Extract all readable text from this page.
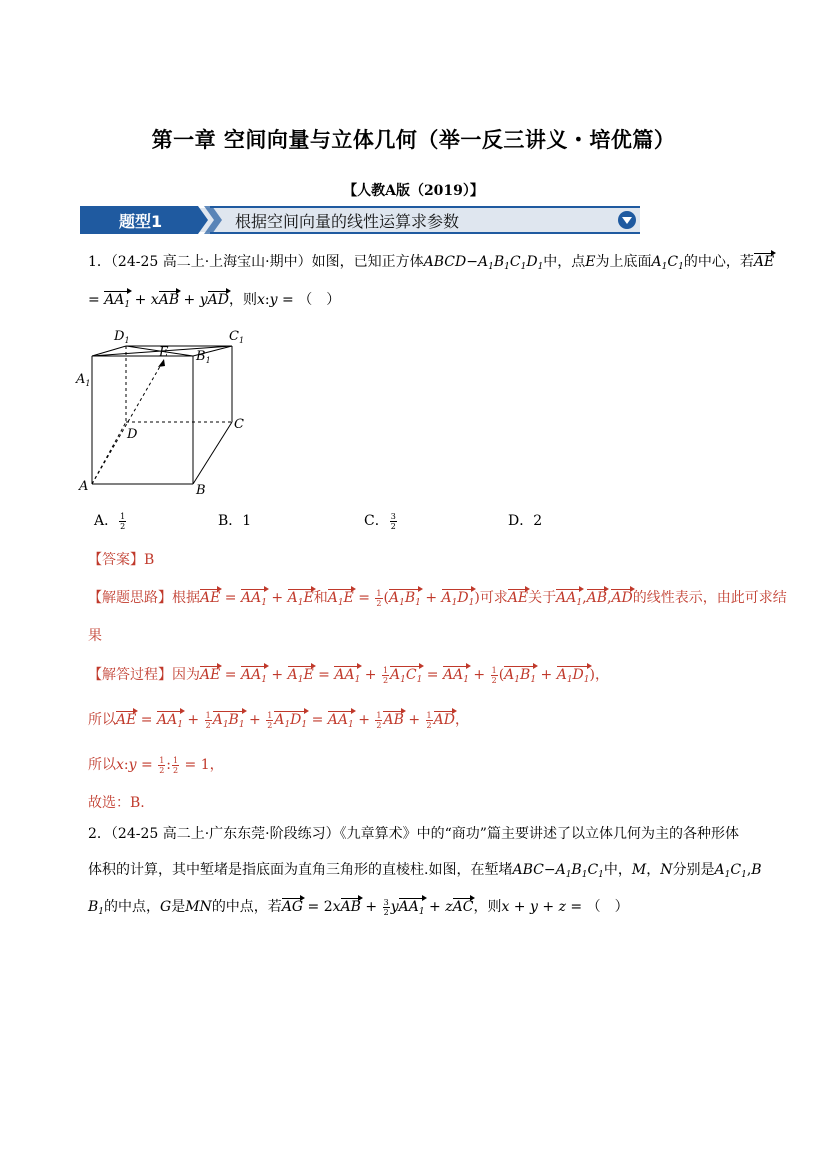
第一章 空间向量与立体几何（举一反三讲义・培优篇）
【人教A版（2019）】
题型1	根据空间向量的线性运算求参数
1．（24-25 高二上·上海宝山·期中）如图，已知正方体$ABCD-A_1B_1C_1D_1$中，点E为上底面$A_1C_1$的中心，若AE
= $AA_1$ + xAB + yAD，则x:y = （　）
$D_1$	$C_1$
$A_1$
$B_1$
E
D
C
A	B
A． $\frac{1}{2}$	B．1	C． $\frac{3}{2}$	D．2
【答案】B
【解题思路】根据AE = $AA_1 + A_1E$和$A_1E = \frac{1}{2} (A_1B_1 + A_1D_1)$可求AE关于$AA_1,AB,AD$的线性表示，由此可求结
果
【解答过程】因为AE = $AA_1 + A_1E = AA_1 + \frac{1}{2} A_1C_1 = AA_1 + \frac{1}{2} (A_1B_1 + A_1D_1)$，
所以AE = $AA_1 + \frac{1}{2} A_1B_1 + \frac{1}{2} A_1D_1 = AA_1 + \frac{1}{2}$ AB + $\frac{1}{2}$ AD，
所以x:y = $\frac{1}{2}$ : $\frac{1}{2} = 1$，
故选：B.
2．（24-25 高二上·广东东莞·阶段练习）《九章算术》中的“商功”篇主要讲述了以立体几何为主的各种形体
体积的计算，其中堑堵是指底面为直角三角形的直棱柱.如图，在堑堵$ABC-A_1B_1C_1$中，M，N分别是$A_1C_1,B$
$B_1$的中点，G是MN的中点，若AG = $2xAB + \frac{3}{2} yAA_1$ + zAC，则x + y + z = （　）
